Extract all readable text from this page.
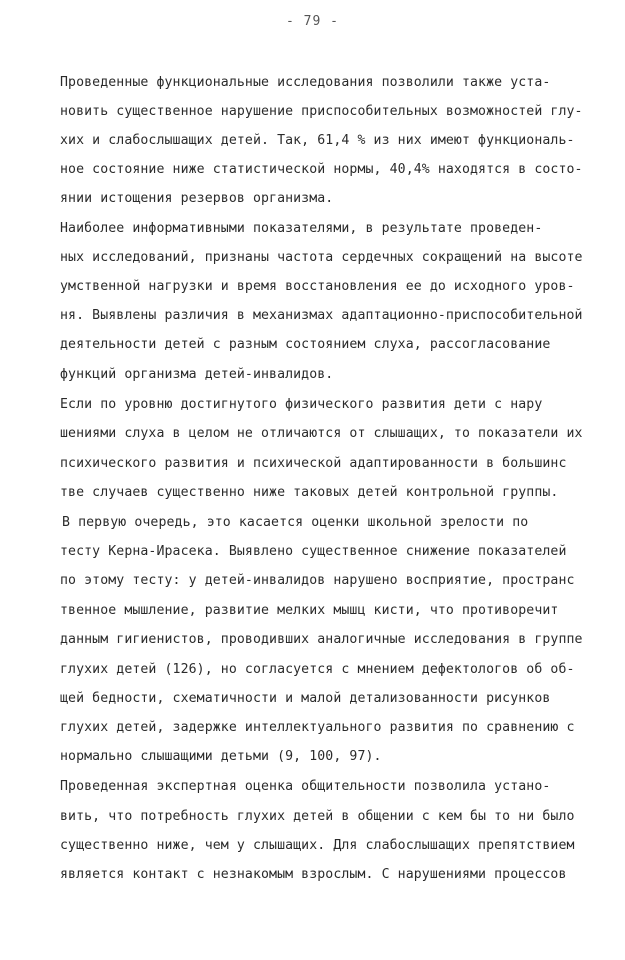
- 79 -
Проведенные функциональные исследования позволили также уста-
новить существенное нарушение приспособительных возможностей глу-
хих и слабослышащих детей. Так, 61,4 % из них имеют функциональ-
ное состояние ниже статистической нормы, 40,4% находятся в состо-
янии истощения резервов организма.
Наиболее информативными показателями, в результате проведен-
ных исследований, признаны частота сердечных сокращений на высоте
умственной нагрузки и время восстановления ее до исходного уров-
ня. Выявлены различия в механизмах адаптационно-приспособительной
деятельности детей с разным состоянием слуха, рассогласование
функций организма детей-инвалидов.
Если по уровню достигнутого физического развития дети с нару
шениями слуха в целом не отличаются от слышащих, то показатели их
психического развития и психической адаптированности в большинс
тве случаев существенно ниже таковых детей контрольной группы.
В первую очередь, это касается оценки школьной зрелости по
тесту Керна-Ирасека. Выявлено существенное снижение показателей
по этому тесту: у детей-инвалидов нарушено восприятие, пространс
твенное мышление, развитие мелких мышц кисти, что противоречит
данным гигиенистов, проводивших аналогичные исследования в группе
глухих детей (126), но согласуется с мнением дефектологов об об-
щей бедности, схематичности и малой детализованности рисунков
глухих детей, задержке интеллектуального развития по сравнению с
нормально слышащими детьми (9, 100, 97).
Проведенная экспертная оценка общительности позволила устано-
вить, что потребность глухих детей в общении с кем бы то ни было
существенно ниже, чем у слышащих. Для слабослышащих препятствием
является контакт с незнакомым взрослым. С нарушениями процессов
